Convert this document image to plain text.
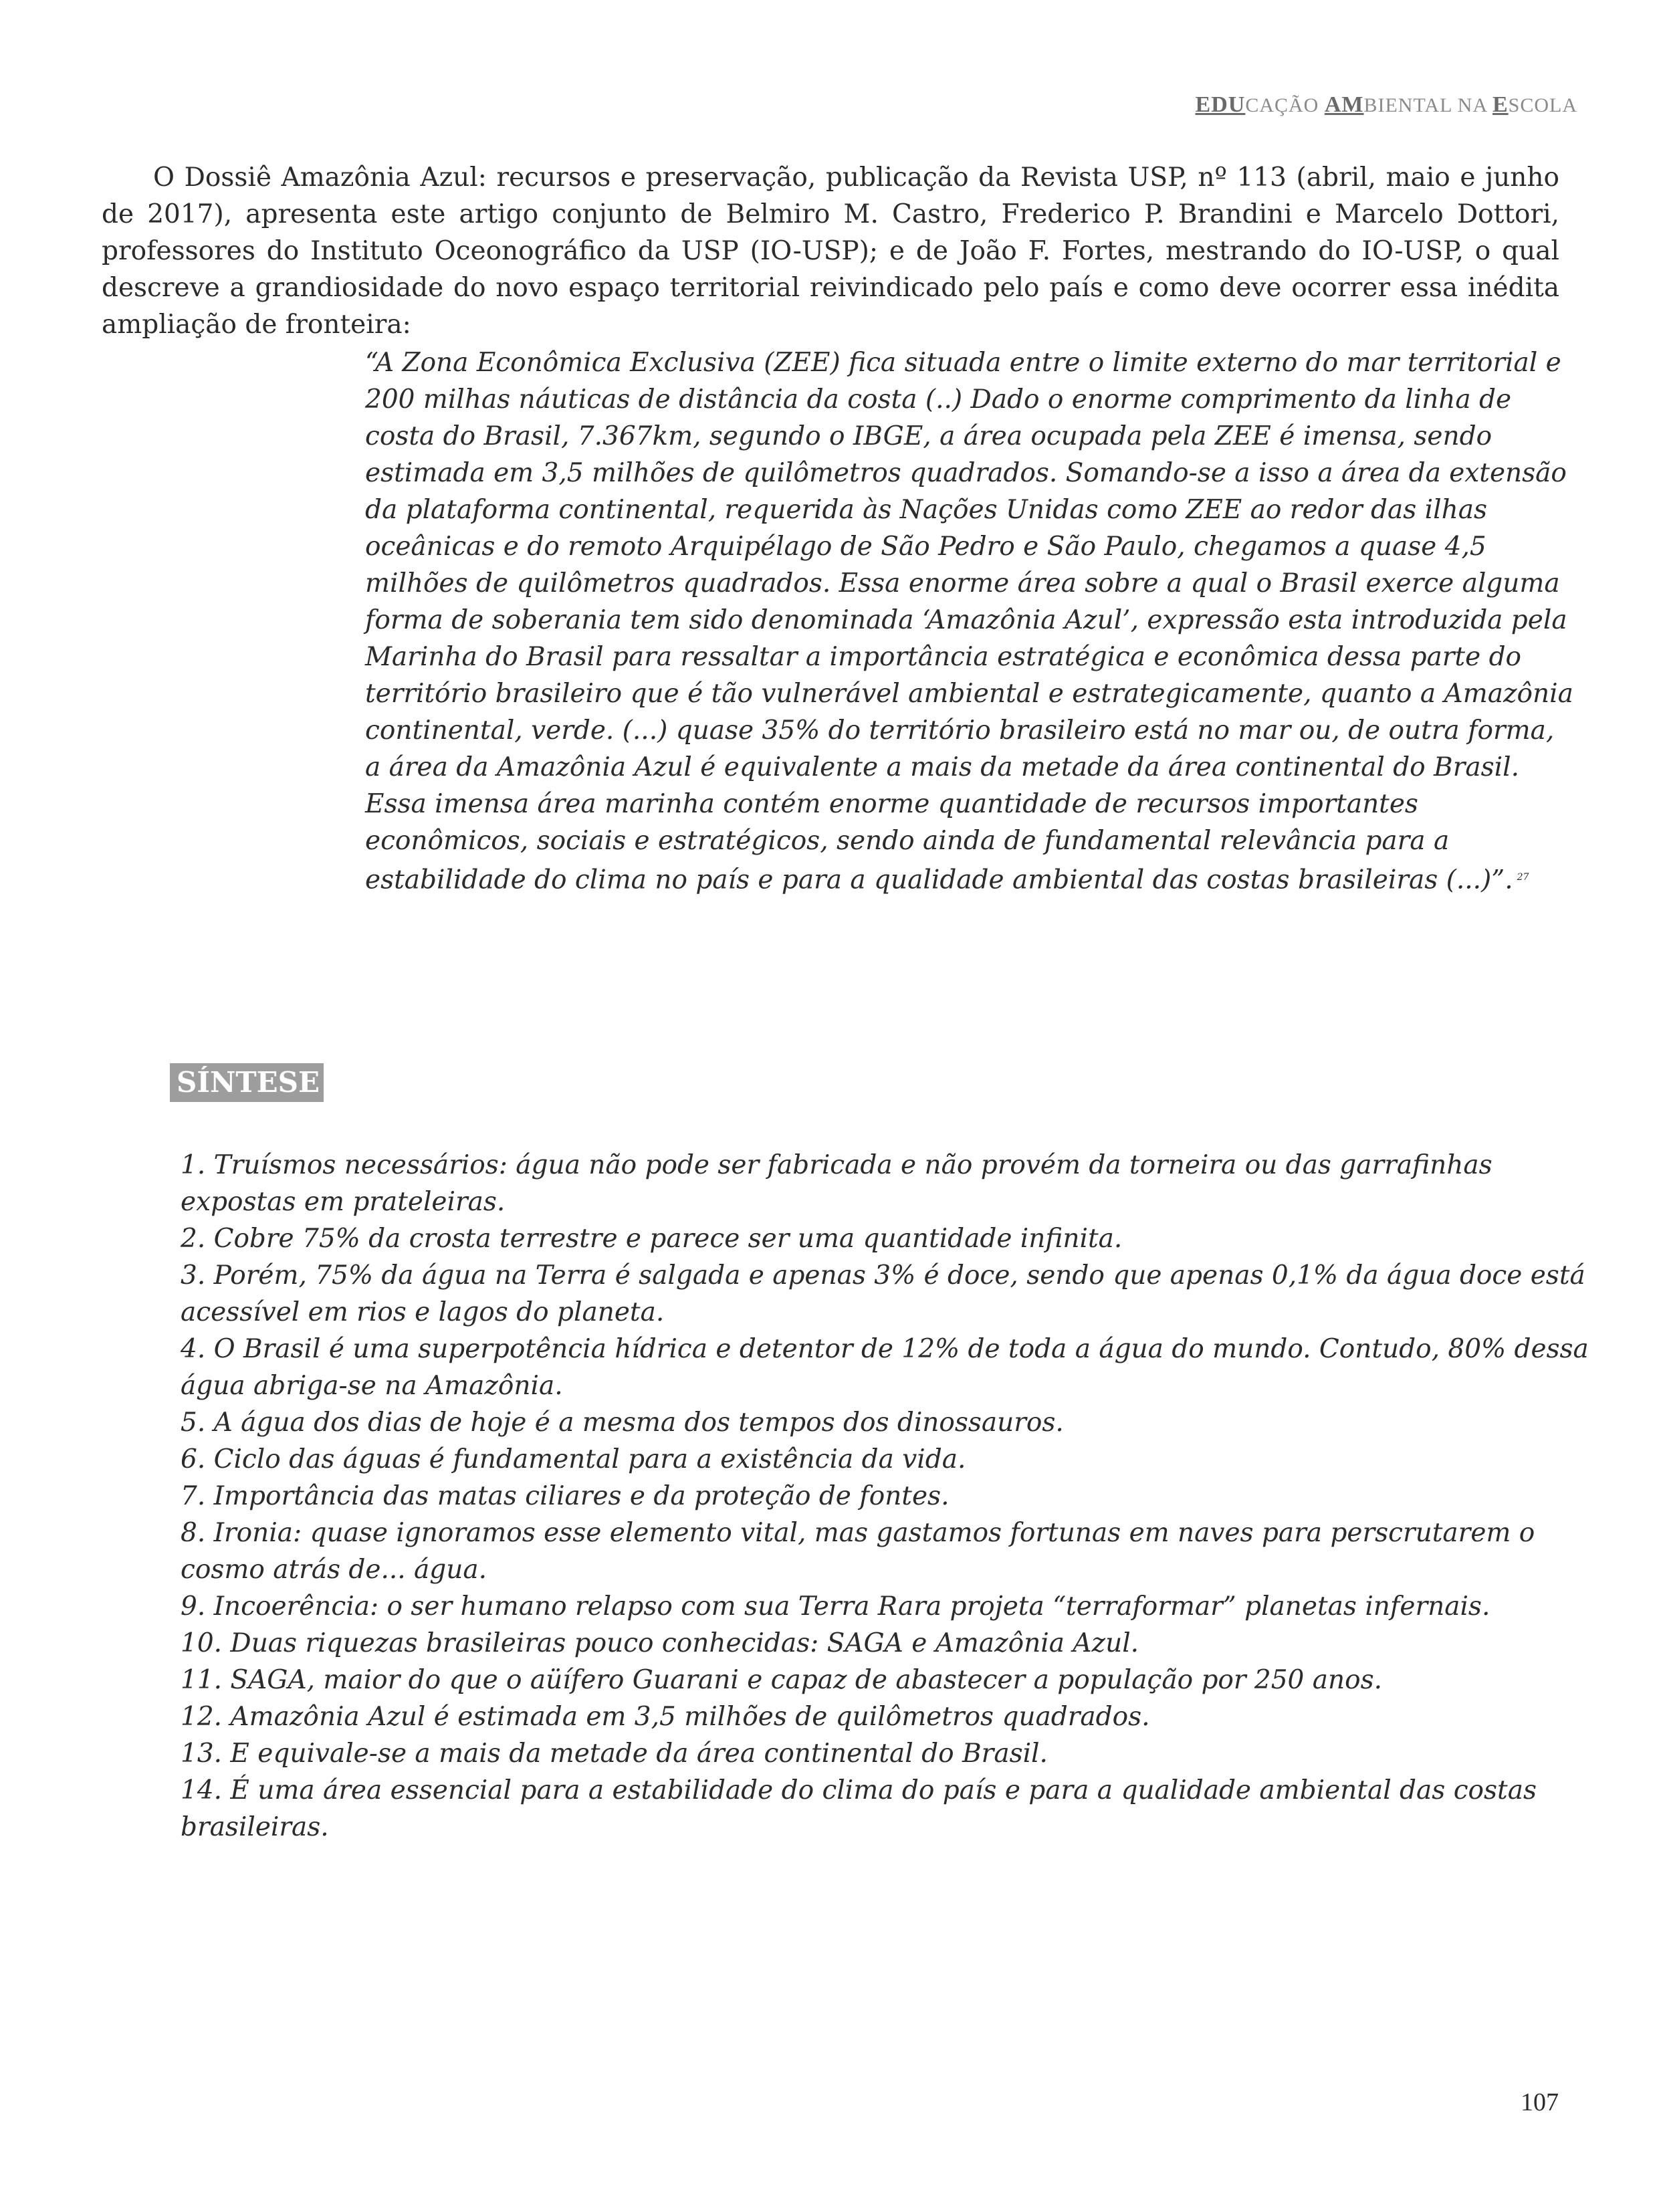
EDUCAÇÃO AMBIENTAL NA ESCOLA

O Dossiê Amazônia Azul: recursos e preservação, publicação da Revista USP, nº 113 (abril, maio e junho de 2017), apresenta este artigo conjunto de Belmiro M. Castro, Frederico P. Brandini e Marcelo Dottori, professores do Instituto Oceonográfico da USP (IO-USP); e de João F. Fortes, mestrando do IO-USP, o qual descreve a grandiosidade do novo espaço territorial reivindicado pelo país e como deve ocorrer essa inédita ampliação de fronteira:

“A Zona Econômica Exclusiva (ZEE) fica situada entre o limite externo do mar territorial e 200 milhas náuticas de distância da costa (..) Dado o enorme comprimento da linha de costa do Brasil, 7.367km, segundo o IBGE, a área ocupada pela ZEE é imensa, sendo estimada em 3,5 milhões de quilômetros quadrados. Somando-se a isso a área da extensão da plataforma continental, requerida às Nações Unidas como ZEE ao redor das ilhas oceânicas e do remoto Arquipélago de São Pedro e São Paulo, chegamos a quase 4,5 milhões de quilômetros quadrados. Essa enorme área sobre a qual o Brasil exerce alguma forma de soberania tem sido denominada ‘Amazônia Azul’, expressão esta introduzida pela Marinha do Brasil para ressaltar a importância estratégica e econômica dessa parte do território brasileiro que é tão vulnerável ambiental e estrategicamente, quanto a Amazônia continental, verde. (...) quase 35% do território brasileiro está no mar ou, de outra forma, a área da Amazônia Azul é equivalente a mais da metade da área continental do Brasil. Essa imensa área marinha contém enorme quantidade de recursos importantes econômicos, sociais e estratégicos, sendo ainda de fundamental relevância para a estabilidade do clima no país e para a qualidade ambiental das costas brasileiras (...)”. $^{27}$

SÍNTESE
1. Truísmos necessários: água não pode ser fabricada e não provém da torneira ou das garrafinhas expostas em prateleiras.
2. Cobre 75% da crosta terrestre e parece ser uma quantidade infinita.
3. Porém, 75% da água na Terra é salgada e apenas 3% é doce, sendo que apenas 0,1% da água doce está acessível em rios e lagos do planeta.
4. O Brasil é uma superpotência hídrica e detentor de 12% de toda a água do mundo. Contudo, 80% dessa água abriga-se na Amazônia.
5. A água dos dias de hoje é a mesma dos tempos dos dinossauros.
6. Ciclo das águas é fundamental para a existência da vida.
7. Importância das matas ciliares e da proteção de fontes.
8. Ironia: quase ignoramos esse elemento vital, mas gastamos fortunas em naves para perscrutarem o cosmo atrás de... água.
9. Incoerência: o ser humano relapso com sua Terra Rara projeta “terraformar” planetas infernais.
10. Duas riquezas brasileiras pouco conhecidas: SAGA e Amazônia Azul.
11. SAGA, maior do que o aüífero Guarani e capaz de abastecer a população por 250 anos.
12. Amazônia Azul é estimada em 3,5 milhões de quilômetros quadrados.
13. E equivale-se a mais da metade da área continental do Brasil.
14. É uma área essencial para a estabilidade do clima do país e para a qualidade ambiental das costas brasileiras.
107
